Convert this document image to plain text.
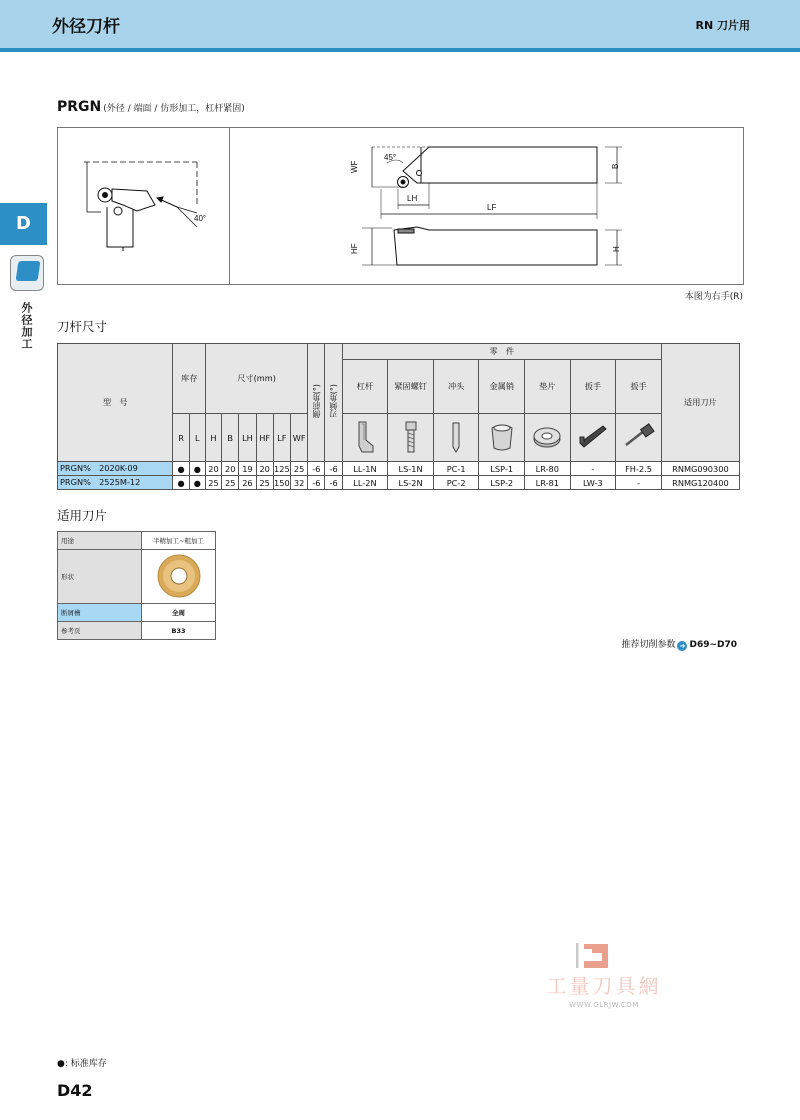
外径刀杆	RN 刀片用
D
外径加工
PRGN (外径 / 端面 / 仿形加工，杠杆紧固)
40°
WF
45°
B
LH
LF
HF	H
本图为右手(R)
刀杆尺寸
型　号	库存		尺寸(mm)						侧前角(°)	刃倾角(°)	零　件							适用刀片
											杠杆	紧固螺钉	冲头	金属销	垫片	扳手	扳手	
	R	L	H	B	LH	HF	LF	WF							
PRGN%　2020K-09	●	●	20	20	19	20	125	25	-6	-6	LL-1N	LS-1N	PC-1	LSP-1	LR-80	-	FH-2.5	RNMG090300
PRGN%　2525M-12	●	●	25	25	26	25	150	32	-6	-6	LL-2N	LS-2N	PC-2	LSP-2	LR-81	LW-3	-	RNMG120400
适用刀片
用途	半精加工~粗加工
形状	
断屑槽	全周
参考页	B33
推荐切削参数 ➜ D69~D70
工量刀具網
WWW.GLRJW.COM
●: 标准库存
D42
